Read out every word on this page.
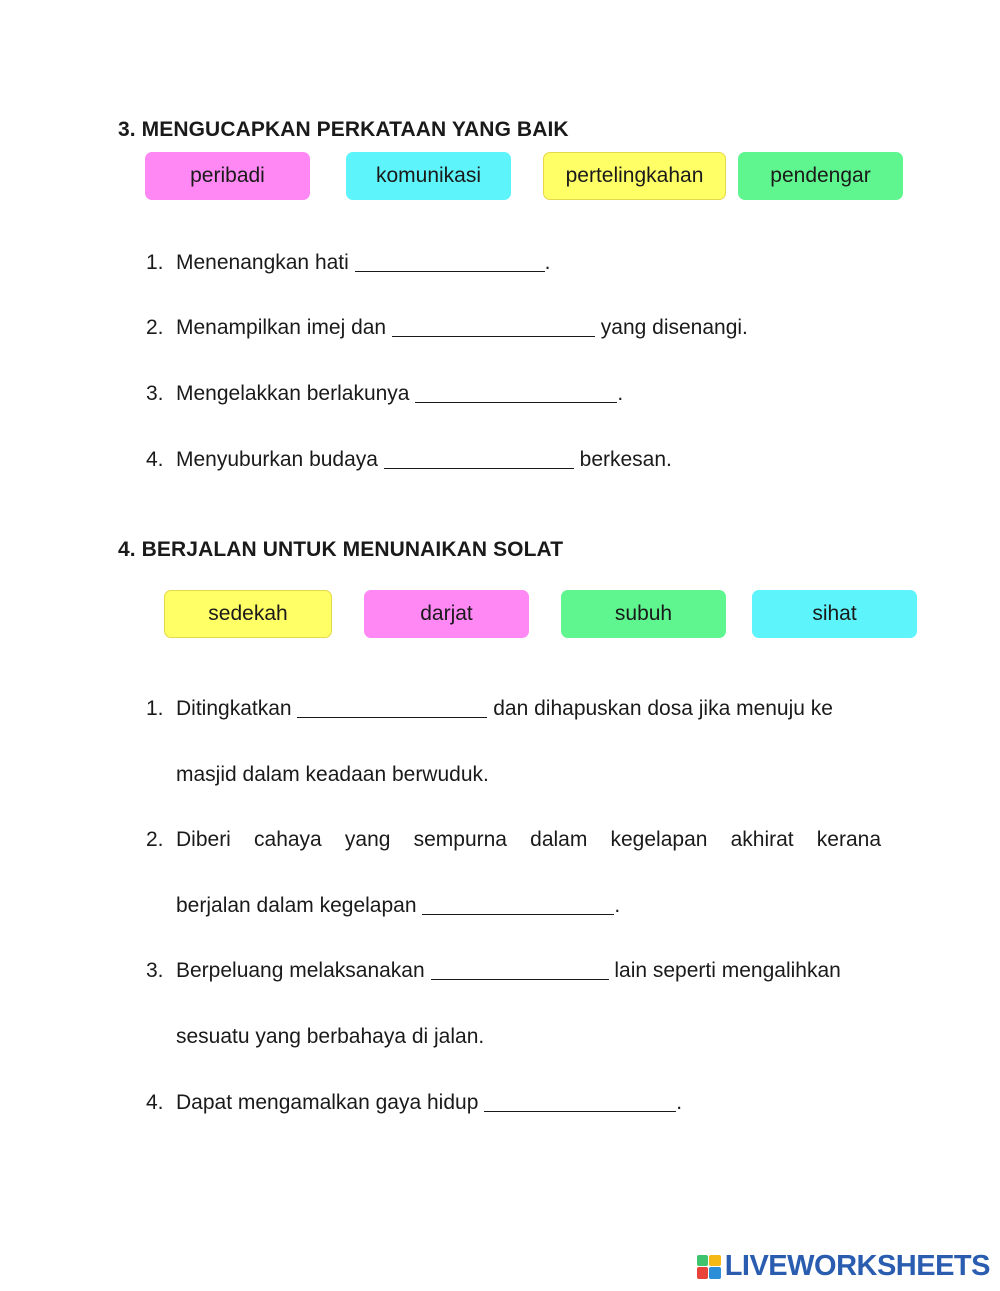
3. MENGUCAPKAN PERKATAAN YANG BAIK
peribadi	komunikasi	pertelingkahan	pendengar
1. Menenangkan hati	.
2. Menampilkan imej dan	yang disenangi.
3. Mengelakkan berlakunya	.
4. Menyuburkan budaya	berkesan.
4. BERJALAN UNTUK MENUNAIKAN SOLAT
sedekah	darjat	subuh	sihat
1. Ditingkatkan	dan dihapuskan dosa jika menuju ke
masjid dalam keadaan berwuduk.
2. Diberi cahaya yang sempurna dalam kegelapan akhirat kerana
berjalan dalam kegelapan	.
3. Berpeluang melaksanakan	lain seperti mengalihkan
sesuatu yang berbahaya di jalan.
4. Dapat mengamalkan gaya hidup	.
LIVEWORKSHEETS
